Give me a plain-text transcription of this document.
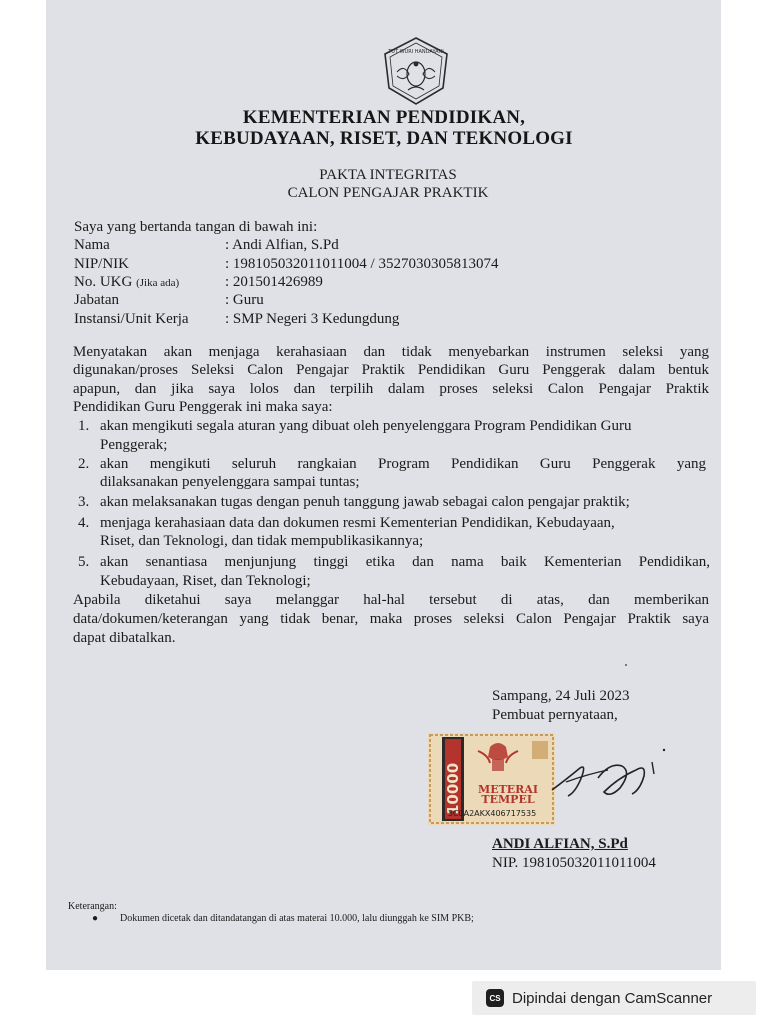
TUT WURI HANDAYANI
KEMENTERIAN PENDIDIKAN,
KEBUDAYAAN, RISET, DAN TEKNOLOGI
PAKTA INTEGRITAS
CALON PENGAJAR PRAKTIK
Saya yang bertanda tangan di bawah ini:
Nama	: Andi Alfian, S.Pd
NIP/NIK	: 198105032011011004 / 3527030305813074
No. UKG (Jika ada)	: 201501426989
Jabatan	: Guru
Instansi/Unit Kerja : SMP Negeri 3 Kedungdung
Menyatakan akan menjaga kerahasiaan dan tidak menyebarkan instrumen seleksi yang
digunakan/proses Seleksi Calon Pengajar Praktik Pendidikan Guru Penggerak dalam bentuk
apapun, dan jika saya lolos dan terpilih dalam proses seleksi Calon Pengajar Praktik
Pendidikan Guru Penggerak ini maka saya:
1. akan mengikuti segala aturan yang dibuat oleh penyelenggara Program Pendidikan Guru
Penggerak;
2. akan mengikuti seluruh rangkaian Program Pendidikan Guru Penggerak yang
dilaksanakan penyelenggara sampai tuntas;
3. akan melaksanakan tugas dengan penuh tanggung jawab sebagai calon pengajar praktik;
4. menjaga kerahasiaan data dan dokumen resmi Kementerian Pendidikan, Kebudayaan,
Riset, dan Teknologi, dan tidak mempublikasikannya;
5. akan senantiasa menjunjung tinggi etika dan nama baik Kementerian Pendidikan,
Kebudayaan, Riset, dan Teknologi;
Apabila diketahui saya melanggar hal-hal tersebut di atas, dan memberikan
data/dokumen/keterangan yang tidak benar, maka proses seleksi Calon Pengajar Praktik saya
dapat dibatalkan.
Sampang, 24 Juli 2023
Pembuat pernyataan,
10000 METERAI
TEMPEL
3C0A2AKX406717535
ANDI ALFIAN, S.Pd
NIP. 198105032011011004
Keterangan:
● Dokumen dicetak dan ditandatangan di atas materai 10.000, lalu diunggah ke SIM PKB;
CS Dipindai dengan CamScanner
